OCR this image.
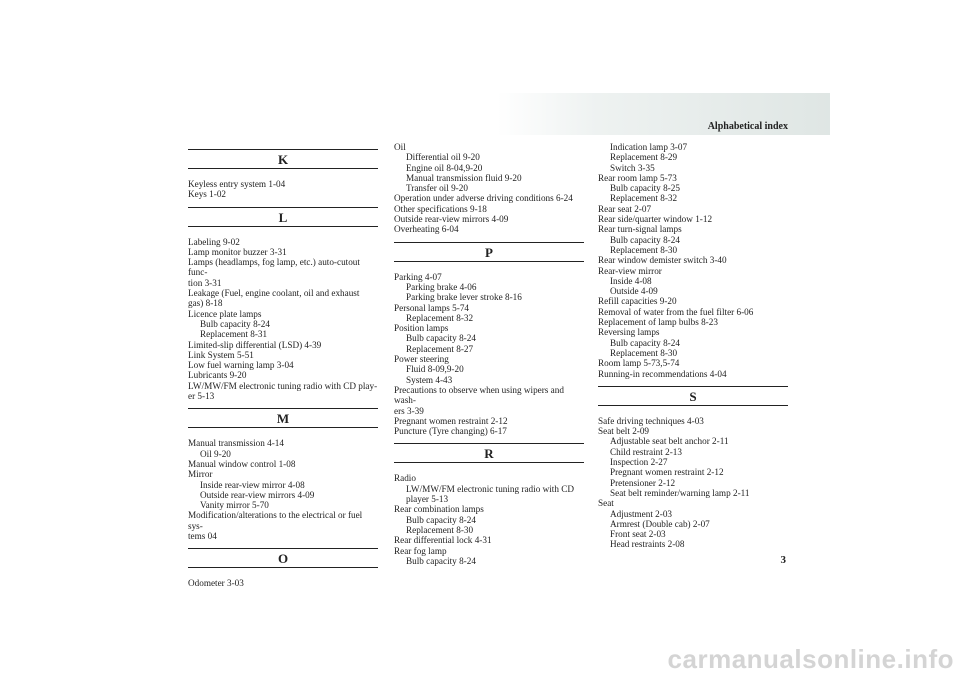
Alphabetical index
K
Keyless entry system 1-04
Keys 1-02
L
Labeling 9-02
Lamp monitor buzzer 3-31
Lamps (headlamps, fog lamp, etc.) auto-cutout func-
tion 3-31
Leakage (Fuel, engine coolant, oil and exhaust
gas) 8-18
Licence plate lamps
Bulb capacity 8-24
Replacement 8-31
Limited-slip differential (LSD) 4-39
Link System 5-51
Low fuel warning lamp 3-04
Lubricants 9-20
LW/MW/FM electronic tuning radio with CD play-
er 5-13
M
Manual transmission 4-14
Oil 9-20
Manual window control 1-08
Mirror
Inside rear-view mirror 4-08
Outside rear-view mirrors 4-09
Vanity mirror 5-70
Modification/alterations to the electrical or fuel sys-
tems 04
O
Odometer 3-03
Oil
Differential oil 9-20
Engine oil 8-04,9-20
Manual transmission fluid 9-20
Transfer oil 9-20
Operation under adverse driving conditions 6-24
Other specifications 9-18
Outside rear-view mirrors 4-09
Overheating 6-04
P
Parking 4-07
Parking brake 4-06
Parking brake lever stroke 8-16
Personal lamps 5-74
Replacement 8-32
Position lamps
Bulb capacity 8-24
Replacement 8-27
Power steering
Fluid 8-09,9-20
System 4-43
Precautions to observe when using wipers and wash-
ers 3-39
Pregnant women restraint 2-12
Puncture (Tyre changing) 6-17
R
Radio
LW/MW/FM electronic tuning radio with CD
player 5-13
Rear combination lamps
Bulb capacity 8-24
Replacement 8-30
Rear differential lock 4-31
Rear fog lamp
Bulb capacity 8-24
Indication lamp 3-07
Replacement 8-29
Switch 3-35
Rear room lamp 5-73
Bulb capacity 8-25
Replacement 8-32
Rear seat 2-07
Rear side/quarter window 1-12
Rear turn-signal lamps
Bulb capacity 8-24
Replacement 8-30
Rear window demister switch 3-40
Rear-view mirror
Inside 4-08
Outside 4-09
Refill capacities 9-20
Removal of water from the fuel filter 6-06
Replacement of lamp bulbs 8-23
Reversing lamps
Bulb capacity 8-24
Replacement 8-30
Room lamp 5-73,5-74
Running-in recommendations 4-04
S
Safe driving techniques 4-03
Seat belt 2-09
Adjustable seat belt anchor 2-11
Child restraint 2-13
Inspection 2-27
Pregnant women restraint 2-12
Pretensioner 2-12
Seat belt reminder/warning lamp 2-11
Seat
Adjustment 2-03
Armrest (Double cab) 2-07
Front seat 2-03
Head restraints 2-08
3
carmanualsonline.info
